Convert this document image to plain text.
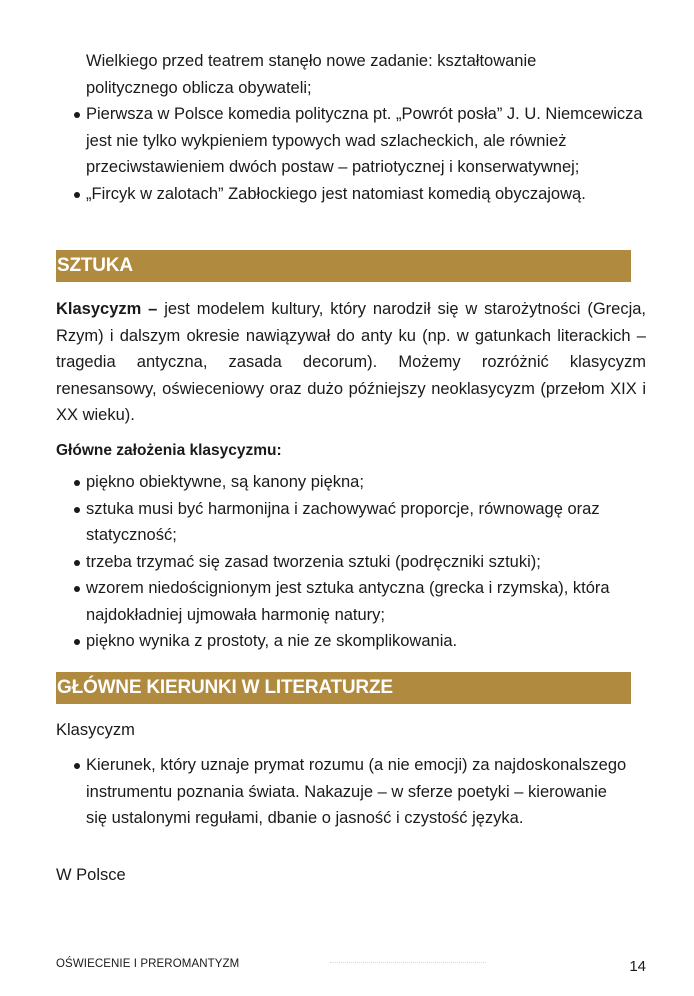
Wielkiego przed teatrem stanęło nowe zadanie: kształtowanie
politycznego oblicza obywateli;
Pierwsza w Polsce komedia polityczna pt. „Powrót posła” J. U. Niemcewicza jest nie tylko wykpieniem typowych wad szlacheckich, ale również przeciwstawieniem dwóch postaw – patriotycznej i konserwatywnej;
„Fircyk w zalotach” Zabłockiego jest natomiast komedią obyczajową.
SZTUKA
Klasycyzm – jest modelem kultury, który narodził się w starożytności (Grecja, Rzym) i dalszym okresie nawiązywał do anty ku (np. w gatunkach literackich – tragedia antyczna, zasada decorum). Możemy rozróżnić klasycyzm renesansowy, oświeceniowy oraz dużo późniejszy neoklasycyzm (przełom XIX i XX wieku).
Główne założenia klasycyzmu:
piękno obiektywne, są kanony piękna;
sztuka musi być harmonijna i zachowywać proporcje, równowagę oraz statyczność;
trzeba trzymać się zasad tworzenia sztuki (podręczniki sztuki);
wzorem niedoścignionym jest sztuka antyczna (grecka i rzymska), która najdokładniej ujmowała harmonię natury;
piękno wynika z prostoty, a nie ze skomplikowania.
GŁÓWNE KIERUNKI W LITERATURZE
Klasycyzm
Kierunek, który uznaje prymat rozumu (a nie emocji) za najdoskonalszego instrumentu poznania świata. Nakazuje – w sferze poetyki – kierowanie się ustalonymi regułami, dbanie o jasność i czystość języka.
W Polsce
OŚWIECENIE I PREROMANTYZM	14
